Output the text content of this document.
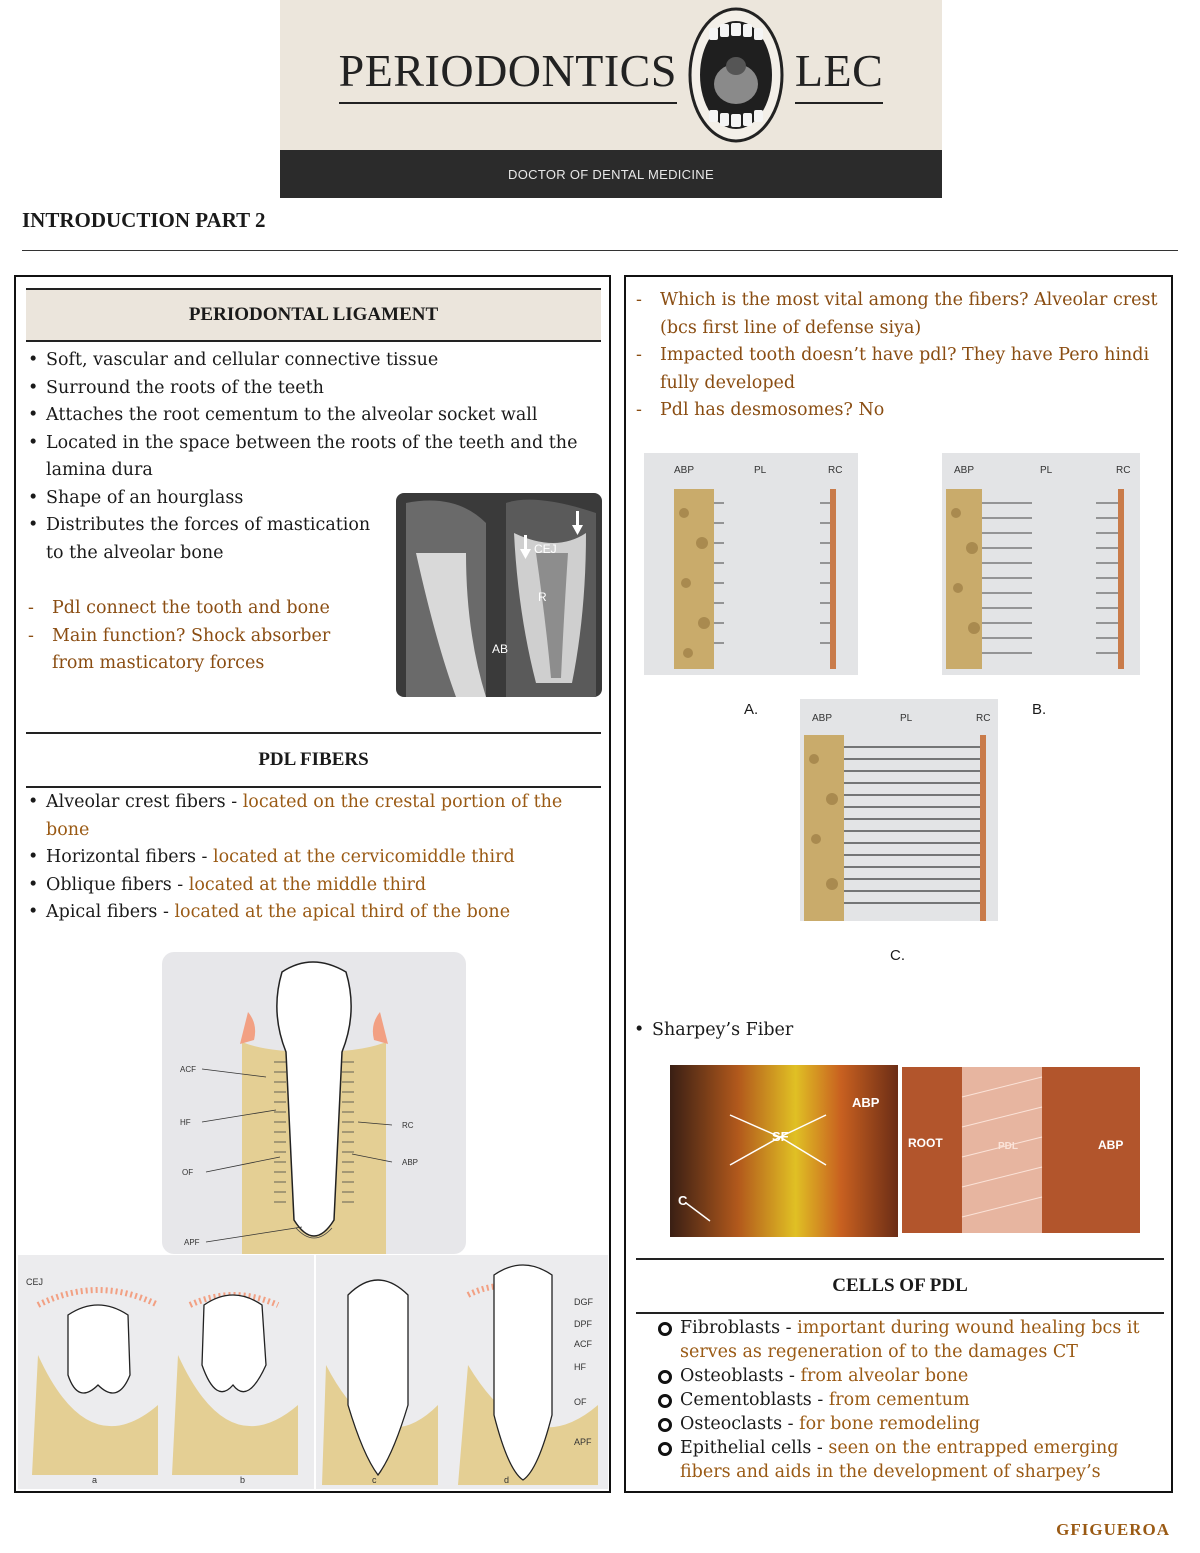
PERIODONTICS	LEC
DOCTOR OF DENTAL MEDICINE
INTRODUCTION PART 2
PERIODONTAL LIGAMENT
• Soft, vascular and cellular connective tissue
• Surround the roots of the teeth
• Attaches the root cementum to the alveolar socket wall
• Located in the space between the roots of the teeth and the lamina dura
• Shape of an hourglass
• Distributes the forces of mastication to the alveolar bone
- Pdl connect the tooth and bone
- Main function? Shock absorber from masticatory forces
CEJ
R
AB
PDL FIBERS
• Alveolar crest fibers - located on the crestal portion of the bone
• Horizontal fibers - located at the cervicomiddle third
• Oblique fibers - located at the middle third
• Apical fibers - located at the apical third of the bone
ACF
HF
OF
APF
RC
ABP
CEJ
DGF
DPF
ACF
HF
OF
APF
a	b	c	d
- Which is the most vital among the fibers? Alveolar crest (bcs first line of defense siya)
- Impacted tooth doesn’t have pdl? They have Pero hindi fully developed
- Pdl has desmosomes? No
ABP	PL	RC	ABP	PL	RC
A.	B.
ABP	PL	RC
C.
• Sharpey’s Fiber
ABP
SF
C
ROOT	PDL	ABP
CELLS OF PDL
Fibroblasts - important during wound healing bcs it serves as regeneration of to the damages CT
Osteoblasts - from alveolar bone
Cementoblasts - from cementum
Osteoclasts - for bone remodeling
Epithelial cells - seen on the entrapped emerging fibers and aids in the development of sharpey’s
GFIGUEROA
